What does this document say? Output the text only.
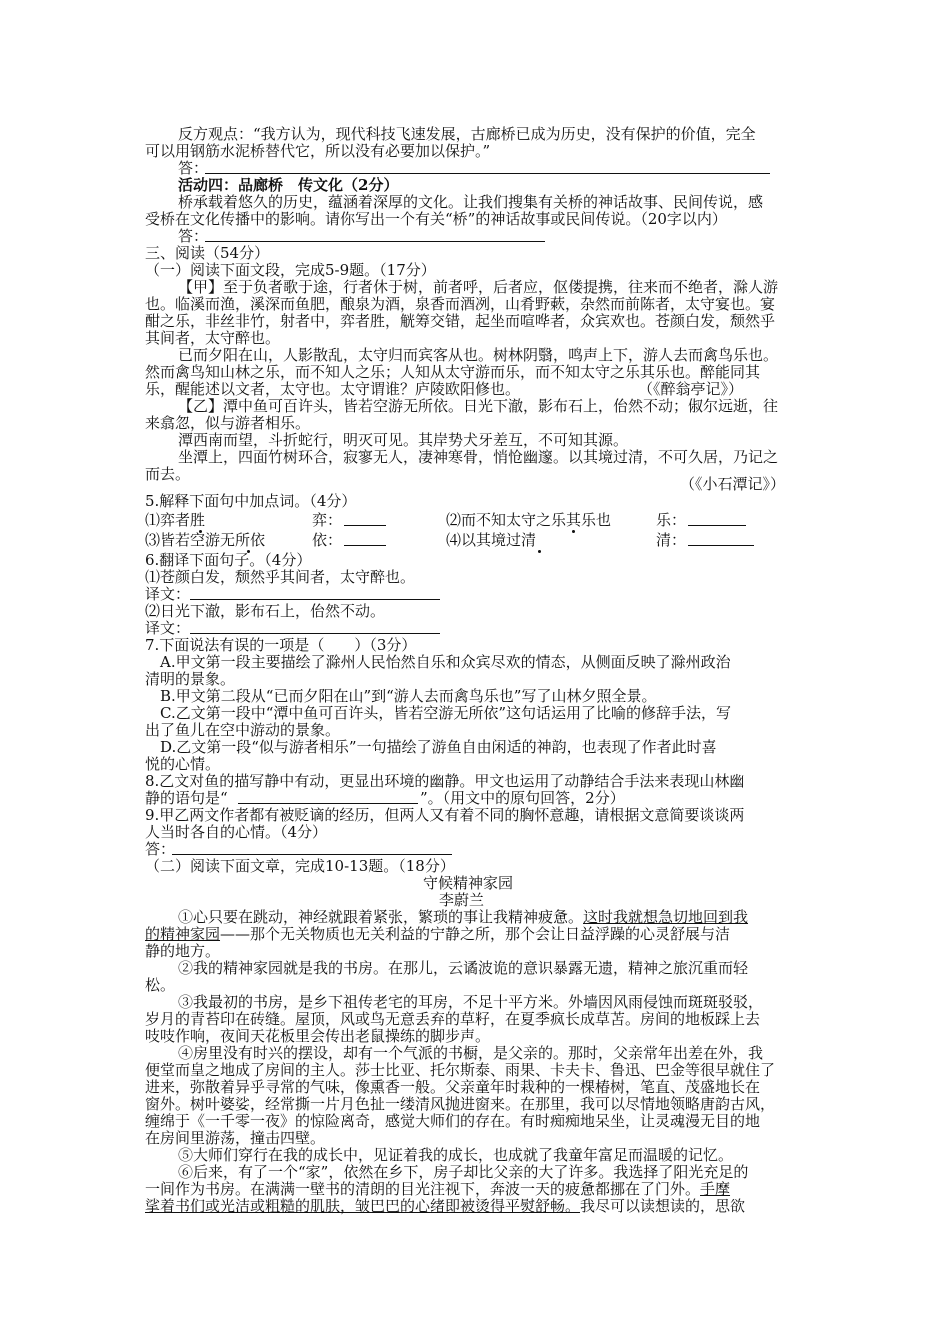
反方观点：“我方认为，现代科技飞速发展，古廊桥已成为历史，没有保护的价值，完全
可以用钢筋水泥桥替代它，所以没有必要加以保护。”
答：
活动四：品廊桥　传文化（2分）
桥承载着悠久的历史，蕴涵着深厚的文化。让我们搜集有关桥的神话故事、民间传说，感
受桥在文化传播中的影响。请你写出一个有关“桥”的神话故事或民间传说。（20字以内）
答：
三、阅读（54分）
（一）阅读下面文段，完成5-9题。（17分）
【甲】至于负者歌于途，行者休于树，前者呼，后者应，伛偻提携，往来而不绝者，滁人游
也。临溪而渔，溪深而鱼肥，酿泉为酒，泉香而酒冽，山肴野蔌，杂然而前陈者，太守宴也。宴
酣之乐，非丝非竹，射者中，弈者胜，觥筹交错，起坐而喧哗者，众宾欢也。苍颜白发，颓然乎
其间者，太守醉也。
已而夕阳在山，人影散乱，太守归而宾客从也。树林阴翳，鸣声上下，游人去而禽鸟乐也。
然而禽鸟知山林之乐，而不知人之乐；人知从太守游而乐，而不知太守之乐其乐也。醉能同其
乐，醒能述以文者，太守也。太守谓谁？庐陵欧阳修也。	（《醉翁亭记》）
【乙】潭中鱼可百许头，皆若空游无所依。日光下澈，影布石上，佁然不动；俶尔远逝，往
来翕忽，似与游者相乐。
潭西南而望，斗折蛇行，明灭可见。其岸势犬牙差互，不可知其源。
坐潭上，四面竹树环合，寂寥无人，凄神寒骨，悄怆幽邃。以其境过清，不可久居，乃记之
而去。
（《小石潭记》）
5.解释下面句中加点词。（4分）
⑴弈者胜	弈：	⑵而不知太守之乐其乐也	乐：
⑶皆若空游无所依	依：	⑷以其境过清	清：
6.翻译下面句子。（4分）
⑴苍颜白发，颓然乎其间者，太守醉也。
译文：
⑵日光下澈，影布石上，佁然不动。
译文：
7.下面说法有误的一项是（　　）（3分）
A.甲文第一段主要描绘了滁州人民怡然自乐和众宾尽欢的情态，从侧面反映了滁州政治
清明的景象。
B.甲文第二段从“已而夕阳在山”到“游人去而禽鸟乐也”写了山林夕照全景。
C.乙文第一段中“潭中鱼可百许头，皆若空游无所依”这句话运用了比喻的修辞手法，写
出了鱼儿在空中游动的景象。
D.乙文第一段“似与游者相乐”一句描绘了游鱼自由闲适的神韵，也表现了作者此时喜
悦的心情。
8.乙文对鱼的描写静中有动，更显出环境的幽静。甲文也运用了动静结合手法来表现山林幽
静的语句是“	”。（用文中的原句回答，2分）
9.甲乙两文作者都有被贬谪的经历，但两人又有着不同的胸怀意趣，请根据文意简要谈谈两
人当时各自的心情。（4分）
答：
（二）阅读下面文章，完成10-13题。（18分）
守候精神家园
李蔚兰
①心只要在跳动，神经就跟着紧张，繁琐的事让我精神疲惫。这时我就想急切地回到我
的精神家园——那个无关物质也无关利益的宁静之所，那个会让日益浮躁的心灵舒展与洁
静的地方。
②我的精神家园就是我的书房。在那儿，云谲波诡的意识暴露无遗，精神之旅沉重而轻
松。
③我最初的书房，是乡下祖传老宅的耳房，不足十平方米。外墙因风雨侵蚀而斑斑驳驳，
岁月的青苔印在砖缝。屋顶，风或鸟无意丢弃的草籽，在夏季疯长成草苫。房间的地板踩上去
吱吱作响，夜间天花板里会传出老鼠操练的脚步声。
④房里没有时兴的摆设，却有一个气派的书橱，是父亲的。那时，父亲常年出差在外，我
便堂而皇之地成了房间的主人。莎士比亚、托尔斯泰、雨果、卡夫卡、鲁迅、巴金等很早就住了
进来，弥散着异乎寻常的气味，像熏香一般。父亲童年时栽种的一棵椿树，笔直、茂盛地长在
窗外。树叶婆娑，经常撕一片月色扯一缕清风抛进窗来。在那里，我可以尽情地领略唐韵古风，
缠绵于《一千零一夜》的惊险离奇，感觉大师们的存在。有时痴痴地呆坐，让灵魂漫无目的地
在房间里游荡，撞击四壁。
⑤大师们穿行在我的成长中，见证着我的成长，也成就了我童年富足而温暖的记忆。
⑥后来，有了一个“家”，依然在乡下，房子却比父亲的大了许多。我选择了阳光充足的
一间作为书房。在满满一壁书的清朗的目光注视下，奔波一天的疲惫都挪在了门外。手摩
挲着书们或光洁或粗糙的肌肤，皱巴巴的心绪即被烫得平熨舒畅。我尽可以读想读的，思欲
